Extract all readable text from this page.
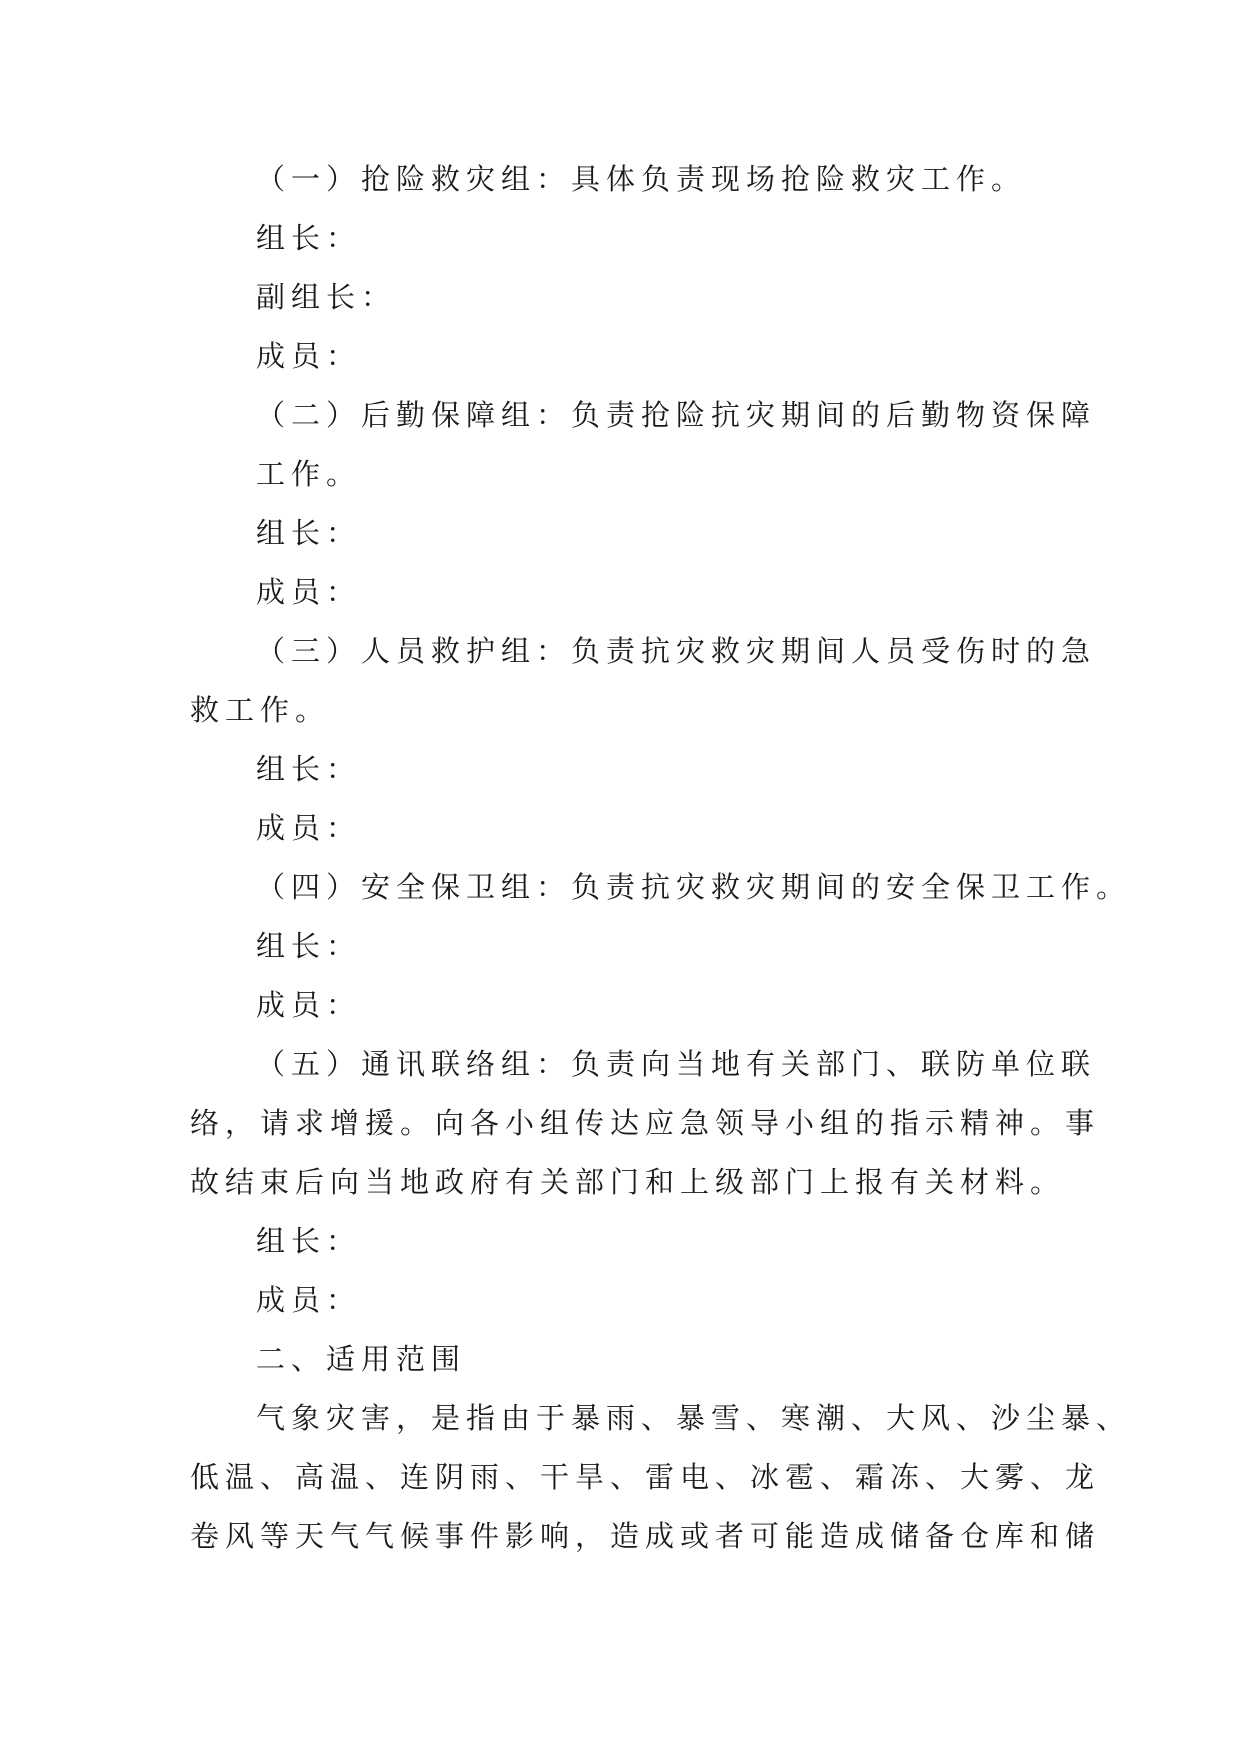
（一）抢险救灾组：具体负责现场抢险救灾工作。
组长：
副组长：
成员：
（二）后勤保障组：负责抢险抗灾期间的后勤物资保障
工作。
组长：
成员：
（三）人员救护组：负责抗灾救灾期间人员受伤时的急
救工作。
组长：
成员：
（四）安全保卫组：负责抗灾救灾期间的安全保卫工作。
组长：
成员：
（五）通讯联络组：负责向当地有关部门、联防单位联
络，请求增援。向各小组传达应急领导小组的指示精神。事
故结束后向当地政府有关部门和上级部门上报有关材料。
组长：
成员：
二、适用范围
气象灾害，是指由于暴雨、暴雪、寒潮、大风、沙尘暴、
低温、高温、连阴雨、干旱、雷电、冰雹、霜冻、大雾、龙
卷风等天气气候事件影响，造成或者可能造成储备仓库和储
